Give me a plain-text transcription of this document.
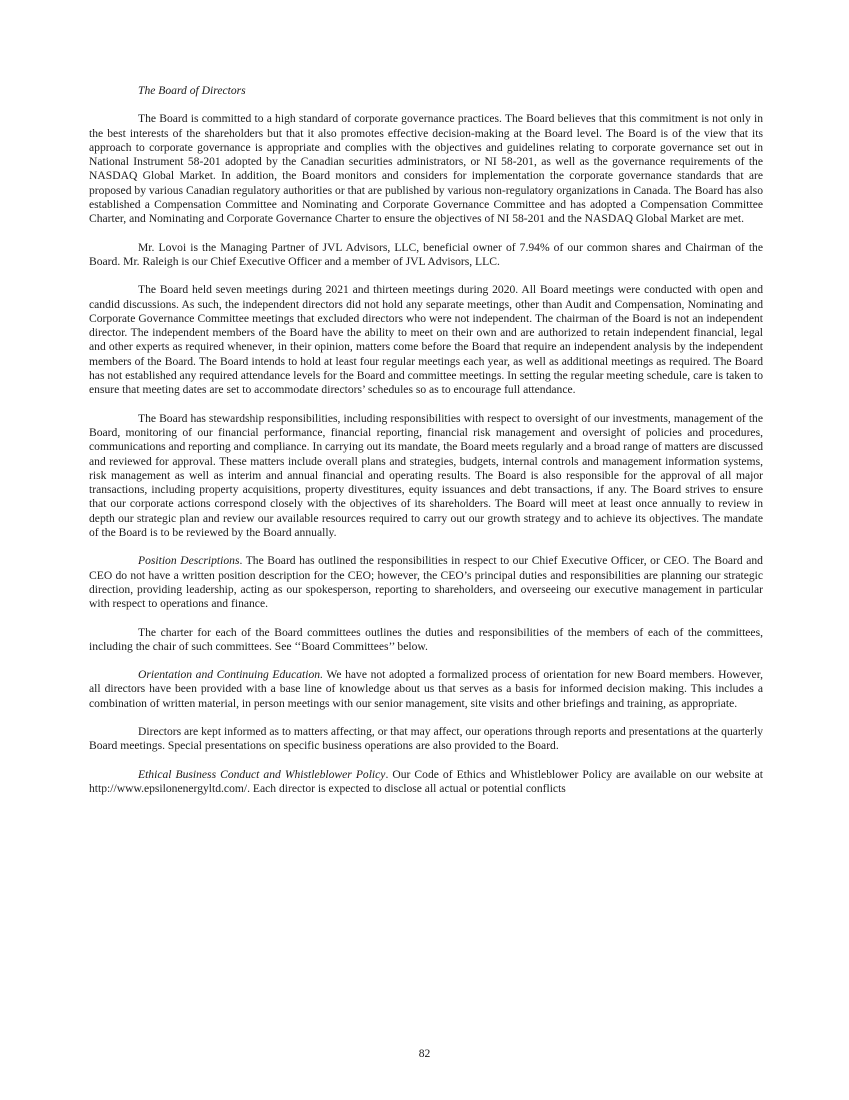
The Board of Directors

The Board is committed to a high standard of corporate governance practices. The Board believes that this commitment is not only in the best interests of the shareholders but that it also promotes effective decision-making at the Board level. The Board is of the view that its approach to corporate governance is appropriate and complies with the objectives and guidelines relating to corporate governance set out in National Instrument 58-201 adopted by the Canadian securities administrators, or NI 58-201, as well as the governance requirements of the NASDAQ Global Market. In addition, the Board monitors and considers for implementation the corporate governance standards that are proposed by various Canadian regulatory authorities or that are published by various non-regulatory organizations in Canada. The Board has also established a Compensation Committee and Nominating and Corporate Governance Committee and has adopted a Compensation Committee Charter, and Nominating and Corporate Governance Charter to ensure the objectives of NI 58-201 and the NASDAQ Global Market are met.

Mr. Lovoi is the Managing Partner of JVL Advisors, LLC, beneficial owner of 7.94% of our common shares and Chairman of the Board. Mr. Raleigh is our Chief Executive Officer and a member of JVL Advisors, LLC.

The Board held seven meetings during 2021 and thirteen meetings during 2020. All Board meetings were conducted with open and candid discussions. As such, the independent directors did not hold any separate meetings, other than Audit and Compensation, Nominating and Corporate Governance Committee meetings that excluded directors who were not independent. The chairman of the Board is not an independent director. The independent members of the Board have the ability to meet on their own and are authorized to retain independent financial, legal and other experts as required whenever, in their opinion, matters come before the Board that require an independent analysis by the independent members of the Board. The Board intends to hold at least four regular meetings each year, as well as additional meetings as required. The Board has not established any required attendance levels for the Board and committee meetings. In setting the regular meeting schedule, care is taken to ensure that meeting dates are set to accommodate directors’ schedules so as to encourage full attendance.

The Board has stewardship responsibilities, including responsibilities with respect to oversight of our investments, management of the Board, monitoring of our financial performance, financial reporting, financial risk management and oversight of policies and procedures, communications and reporting and compliance. In carrying out its mandate, the Board meets regularly and a broad range of matters are discussed and reviewed for approval. These matters include overall plans and strategies, budgets, internal controls and management information systems, risk management as well as interim and annual financial and operating results. The Board is also responsible for the approval of all major transactions, including property acquisitions, property divestitures, equity issuances and debt transactions, if any. The Board strives to ensure that our corporate actions correspond closely with the objectives of its shareholders. The Board will meet at least once annually to review in depth our strategic plan and review our available resources required to carry out our growth strategy and to achieve its objectives. The mandate of the Board is to be reviewed by the Board annually.

Position Descriptions. The Board has outlined the responsibilities in respect to our Chief Executive Officer, or CEO. The Board and CEO do not have a written position description for the CEO; however, the CEO’s principal duties and responsibilities are planning our strategic direction, providing leadership, acting as our spokesperson, reporting to shareholders, and overseeing our executive management in particular with respect to operations and finance.

The charter for each of the Board committees outlines the duties and responsibilities of the members of each of the committees, including the chair of such committees. See ‘‘Board Committees’’ below.

Orientation and Continuing Education. We have not adopted a formalized process of orientation for new Board members. However, all directors have been provided with a base line of knowledge about us that serves as a basis for informed decision making. This includes a combination of written material, in person meetings with our senior management, site visits and other briefings and training, as appropriate.

Directors are kept informed as to matters affecting, or that may affect, our operations through reports and presentations at the quarterly Board meetings. Special presentations on specific business operations are also provided to the Board.

Ethical Business Conduct and Whistleblower Policy. Our Code of Ethics and Whistleblower Policy are available on our website at http://www.epsilonenergyltd.com/. Each director is expected to disclose all actual or potential conflicts

82
